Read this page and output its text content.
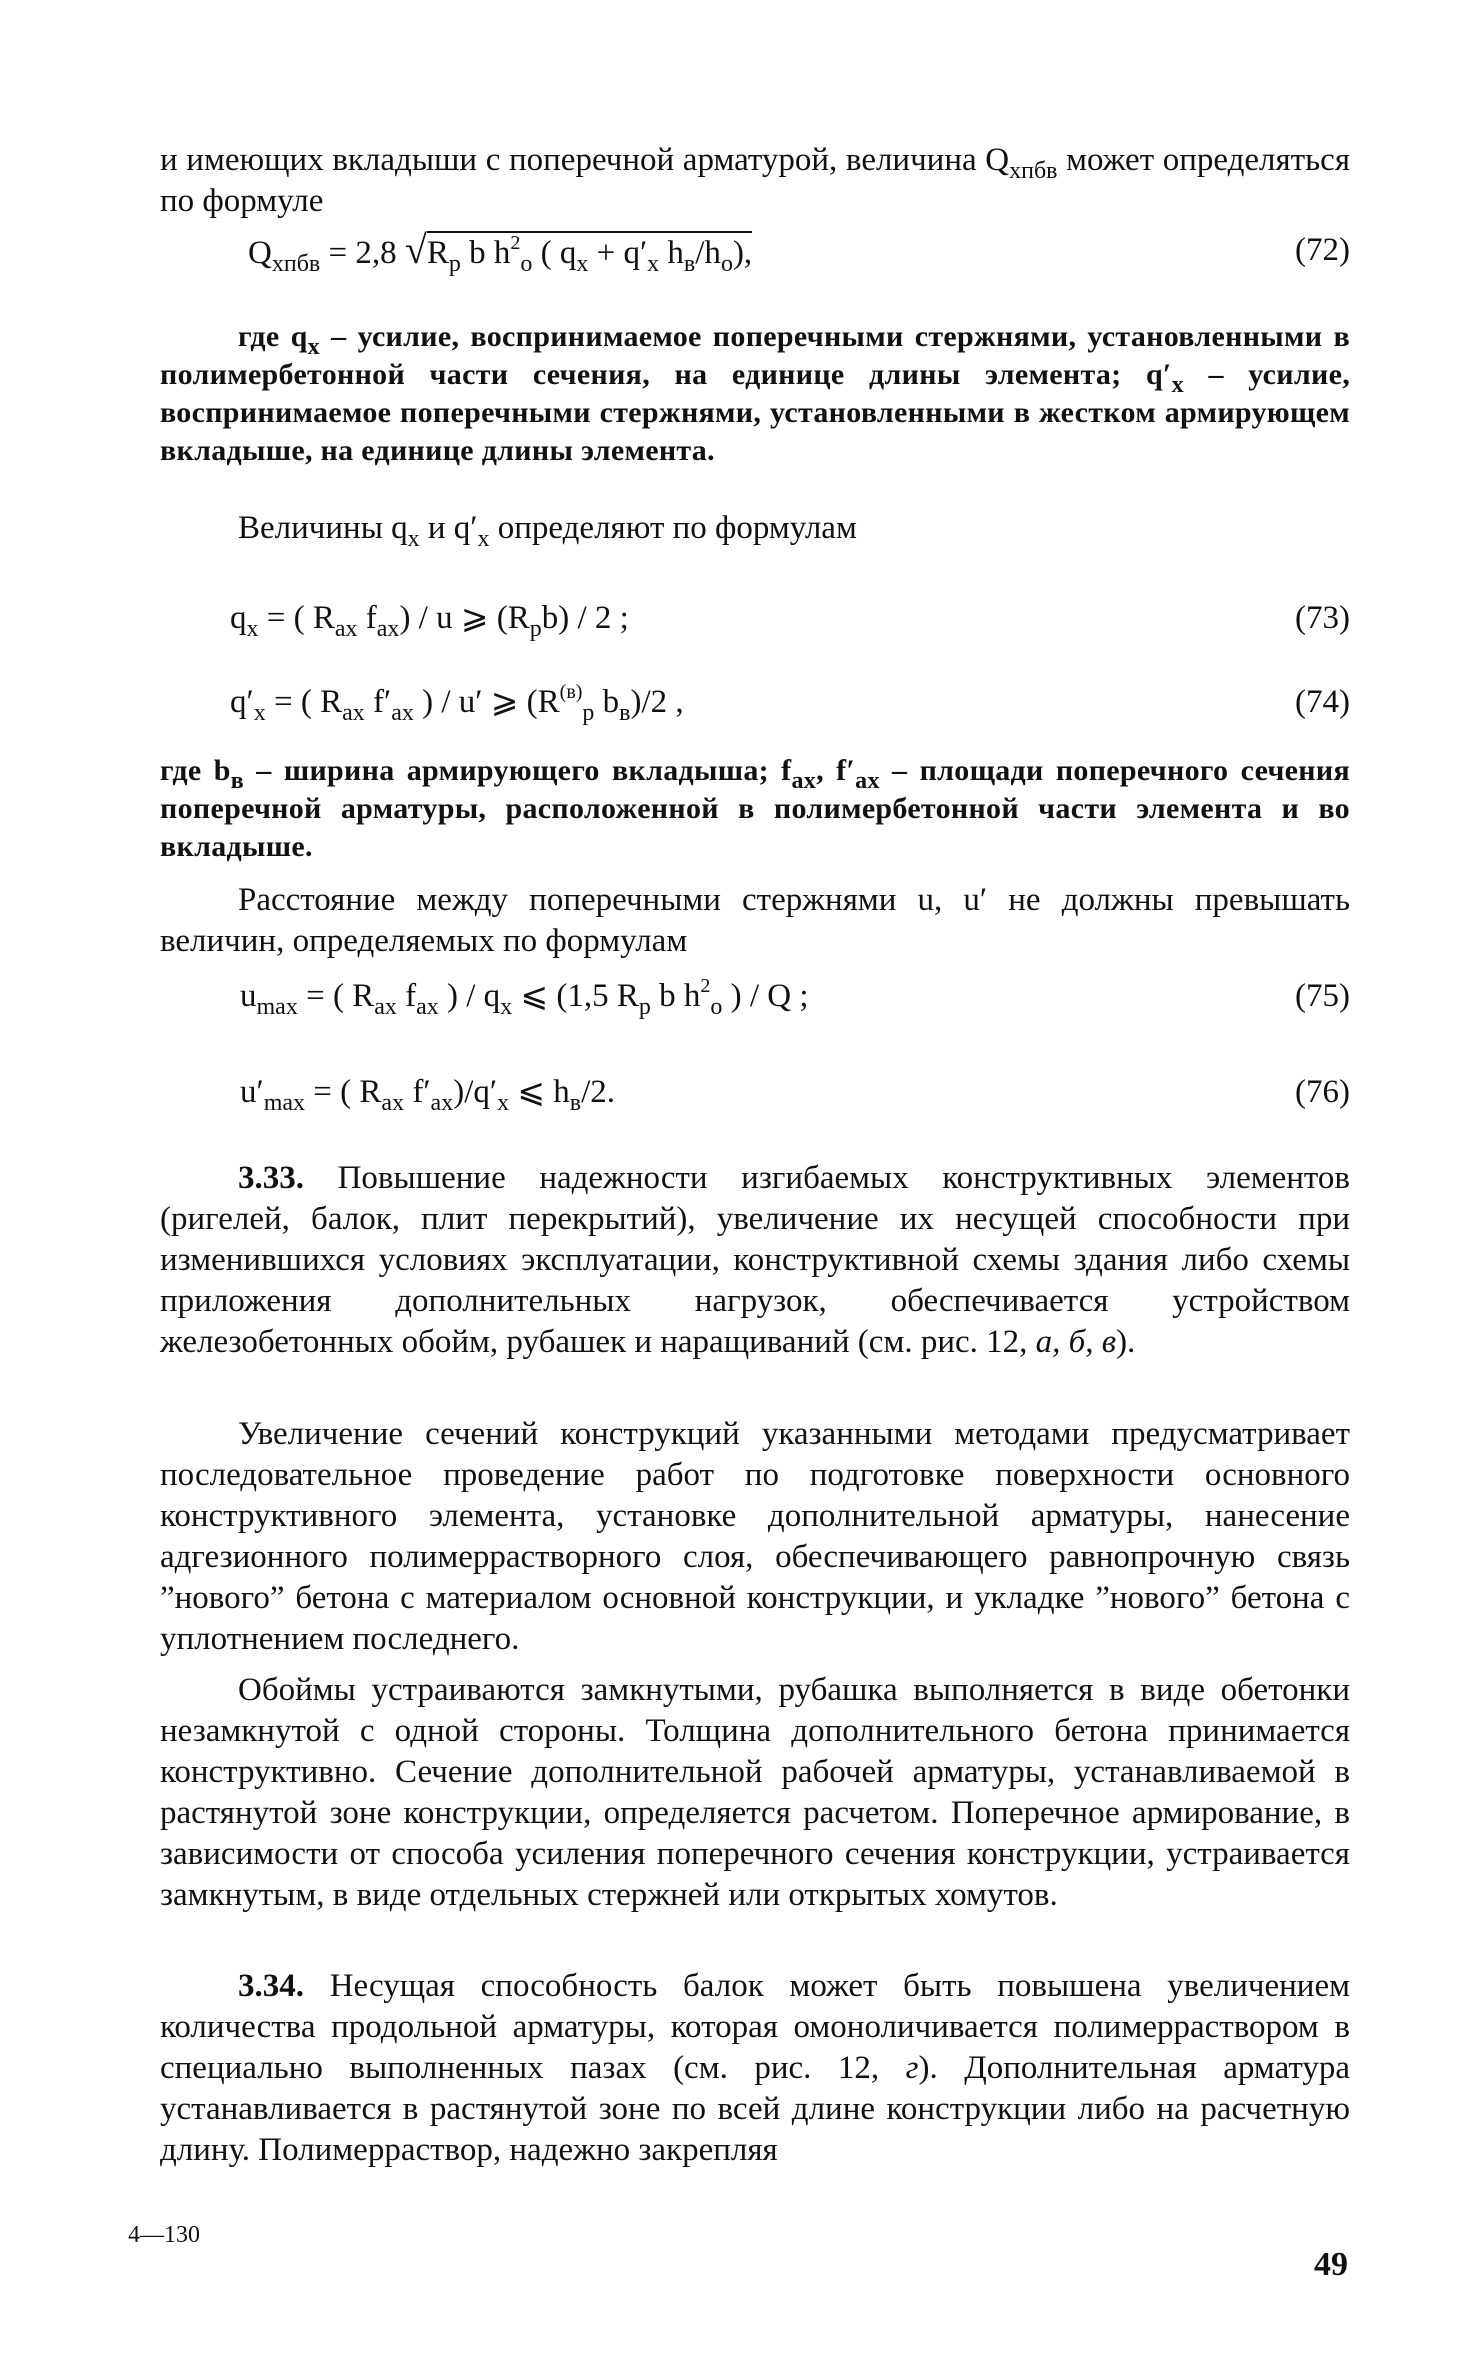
и имеющих вкладыши с поперечной арматурой, величина $Q_{хпбв}$ может определяться по формуле

$Q_{хпбв} = 2,8$ $√R_p$ b $h^2_o$ ( $q_x + q'_x$ $h_в/h_o$),	(72)

где $q_x$ – усилие, воспринимаемое поперечными стержнями, установленными в полимербетонной части сечения, на единице длины элемента; $q'_x$ – усилие, воспринимаемое поперечными стержнями, установленными в жестком армирующем вкладыше, на единице длины элемента.

Величины $q_x$ и $q'_x$ определяют по формулам

$q_x$ = ( $R_{ax}$ $f_{ax}$) / u ⩾ $(R_pb) / 2$ ;	(73)
$q'_x$ = ( $R_{ax}$ $f'_{ax}$ ) / u′ ⩾ ($R^{(в)}_p$ $b_в)/2$ ,	(74)

где $b_в$ – ширина армирующего вкладыша; $f_{ax}$, $f'_{ax}$ – площади поперечного сечения поперечной арматуры, расположенной в полимербетонной части элемента и во вкладыше.

Расстояние между поперечными стержнями u, u′ не должны превышать величин, определяемых по формулам

$u_{max}$ = ( $R_{ax}$ $f_{ax}$ ) / $q_x$ ⩽ (1,5 $R_p$ b $h^2_o$ ) / Q ;	(75)
$u'_{max}$ = ( $R_{ax}$ $f'_{ax})/q'_x$ ⩽ $h_в/2$.	(76)

3.33. Повышение надежности изгибаемых конструктивных элементов (ригелей, балок, плит перекрытий), увеличение их несущей способности при изменившихся условиях эксплуатации, конструктивной схемы здания либо схемы приложения дополнительных нагрузок, обеспечивается устройством железобетонных обойм, рубашек и наращиваний (см. рис. 12, а, б, в).

Увеличение сечений конструкций указанными методами предусматривает последовательное проведение работ по подготовке поверхности основного конструктивного элемента, установке дополнительной арматуры, нанесение адгезионного полимеррастворного слоя, обеспечивающего равнопрочную связь ”нового” бетона с материалом основной конструкции, и укладке ”нового” бетона с уплотнением последнего.

Обоймы устраиваются замкнутыми, рубашка выполняется в виде обетонки незамкнутой с одной стороны. Толщина дополнительного бетона принимается конструктивно. Сечение дополнительной рабочей арматуры, устанавливаемой в растянутой зоне конструкции, определяется расчетом. Поперечное армирование, в зависимости от способа усиления поперечного сечения конструкции, устраивается замкнутым, в виде отдельных стержней или открытых хомутов.

3.34. Несущая способность балок может быть повышена увеличением количества продольной арматуры, которая омоноличивается полимерраствором в специально выполненных пазах (см. рис. 12, г). Дополнительная арматура устанавливается в растянутой зоне по всей длине конструкции либо на расчетную длину. Полимерраствор, надежно закрепляя

4—130
49
